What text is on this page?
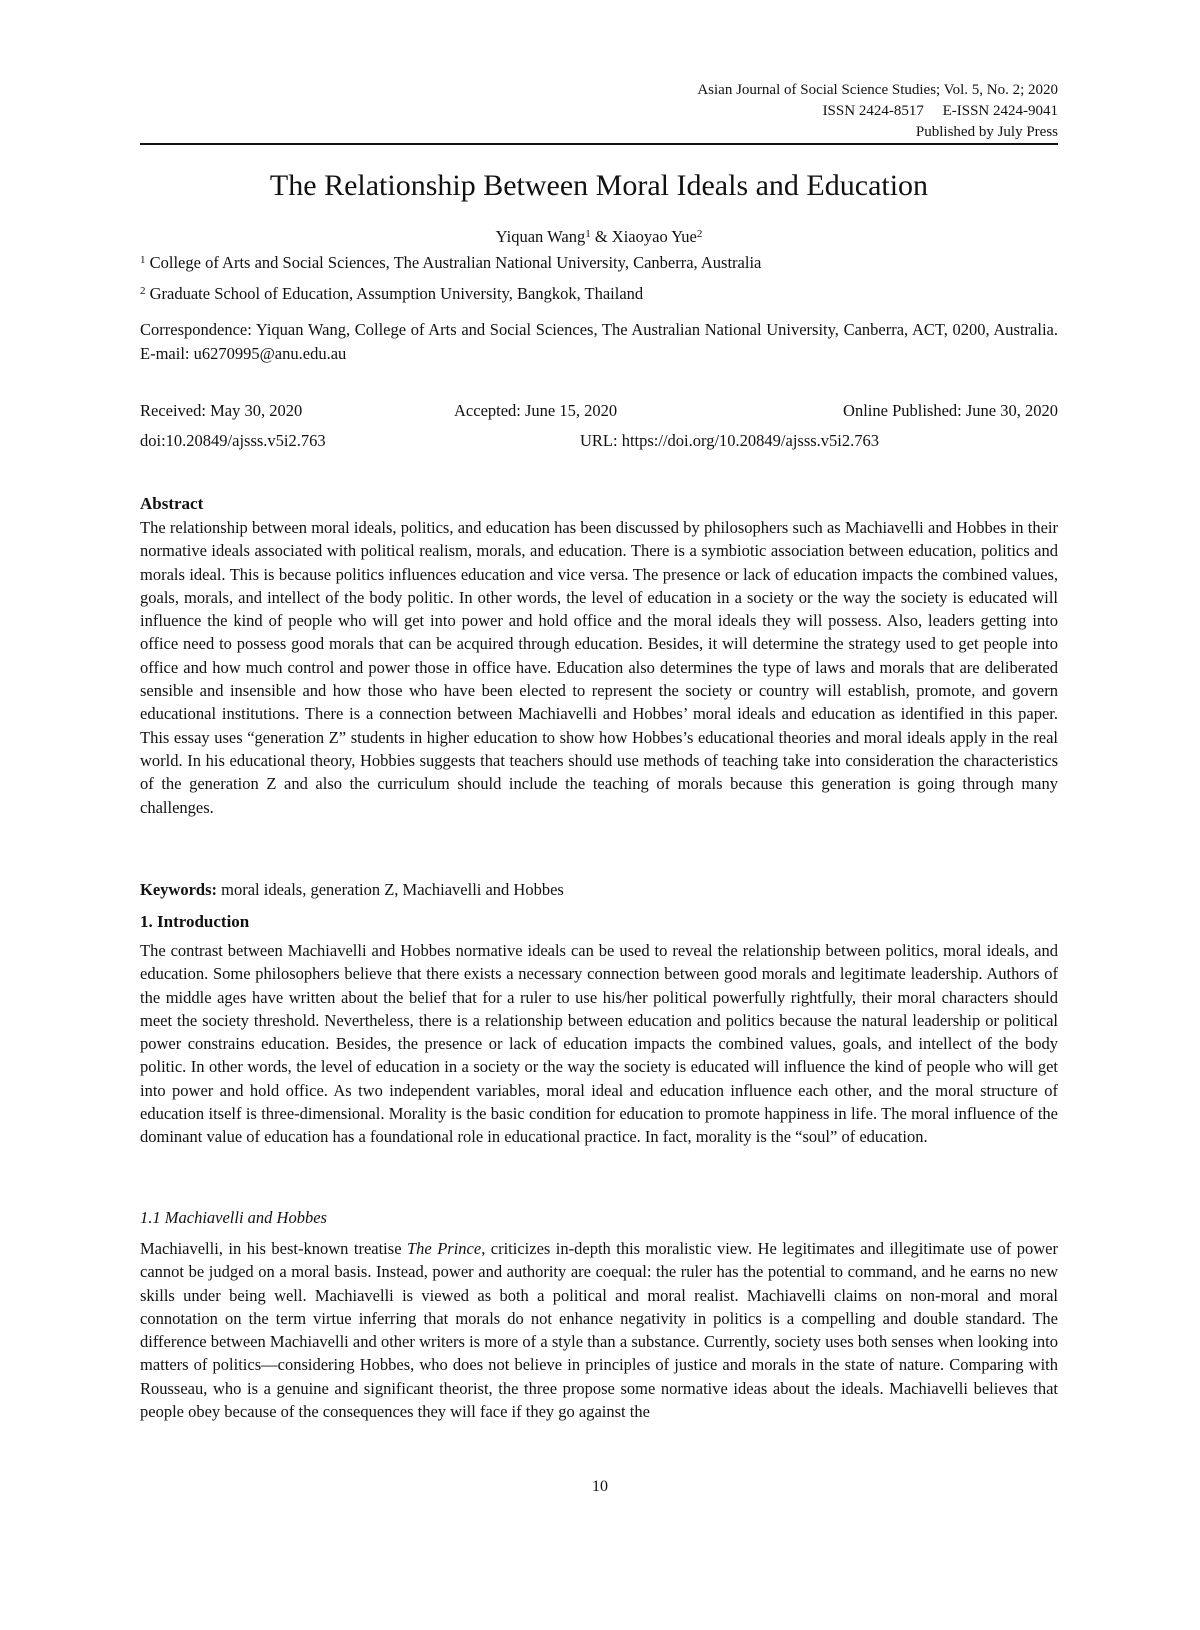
Asian Journal of Social Science Studies; Vol. 5, No. 2; 2020
ISSN 2424-8517     E-ISSN 2424-9041
Published by July Press
The Relationship Between Moral Ideals and Education
Yiquan Wang$^1$ & Xiaoyao Yue$^2$
$^1$ College of Arts and Social Sciences, The Australian National University, Canberra, Australia
$^2$ Graduate School of Education, Assumption University, Bangkok, Thailand
Correspondence: Yiquan Wang, College of Arts and Social Sciences, The Australian National University, Canberra, ACT, 0200, Australia. E-mail: u6270995@anu.edu.au
Received: May 30, 2020	Accepted: June 15, 2020	Online Published: June 30, 2020
doi:10.20849/ajsss.v5i2.763	URL: https://doi.org/10.20849/ajsss.v5i2.763
Abstract

The relationship between moral ideals, politics, and education has been discussed by philosophers such as Machiavelli and Hobbes in their normative ideals associated with political realism, morals, and education. There is a symbiotic association between education, politics and morals ideal. This is because politics influences education and vice versa. The presence or lack of education impacts the combined values, goals, morals, and intellect of the body politic. In other words, the level of education in a society or the way the society is educated will influence the kind of people who will get into power and hold office and the moral ideals they will possess. Also, leaders getting into office need to possess good morals that can be acquired through education. Besides, it will determine the strategy used to get people into office and how much control and power those in office have. Education also determines the type of laws and morals that are deliberated sensible and insensible and how those who have been elected to represent the society or country will establish, promote, and govern educational institutions. There is a connection between Machiavelli and Hobbes’ moral ideals and education as identified in this paper. This essay uses “generation Z” students in higher education to show how Hobbes’s educational theories and moral ideals apply in the real world. In his educational theory, Hobbies suggests that teachers should use methods of teaching take into consideration the characteristics of the generation Z and also the curriculum should include the teaching of morals because this generation is going through many challenges.

Keywords: moral ideals, generation Z, Machiavelli and Hobbes

1. Introduction

The contrast between Machiavelli and Hobbes normative ideals can be used to reveal the relationship between politics, moral ideals, and education. Some philosophers believe that there exists a necessary connection between good morals and legitimate leadership. Authors of the middle ages have written about the belief that for a ruler to use his/her political powerfully rightfully, their moral characters should meet the society threshold. Nevertheless, there is a relationship between education and politics because the natural leadership or political power constrains education. Besides, the presence or lack of education impacts the combined values, goals, and intellect of the body politic. In other words, the level of education in a society or the way the society is educated will influence the kind of people who will get into power and hold office. As two independent variables, moral ideal and education influence each other, and the moral structure of education itself is three-dimensional. Morality is the basic condition for education to promote happiness in life. The moral influence of the dominant value of education has a foundational role in educational practice. In fact, morality is the “soul” of education.

1.1 Machiavelli and Hobbes

Machiavelli, in his best-known treatise The Prince, criticizes in-depth this moralistic view. He legitimates and illegitimate use of power cannot be judged on a moral basis. Instead, power and authority are coequal: the ruler has the potential to command, and he earns no new skills under being well. Machiavelli is viewed as both a political and moral realist. Machiavelli claims on non-moral and moral connotation on the term virtue inferring that morals do not enhance negativity in politics is a compelling and double standard. The difference between Machiavelli and other writers is more of a style than a substance. Currently, society uses both senses when looking into matters of politics—considering Hobbes, who does not believe in principles of justice and morals in the state of nature. Comparing with Rousseau, who is a genuine and significant theorist, the three propose some normative ideas about the ideals. Machiavelli believes that people obey because of the consequences they will face if they go against the

10
